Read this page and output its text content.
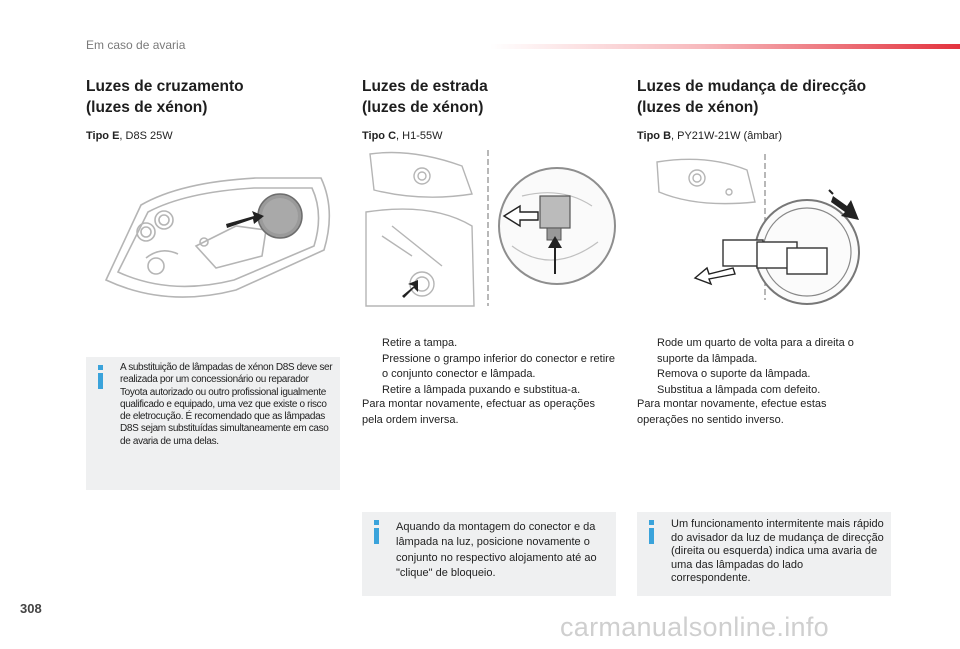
Em caso de avaria
Luzes de cruzamento
(luzes de xénon)
Tipo E, D8S 25W
Luzes de estrada
(luzes de xénon)
Tipo C, H1-55W
Luzes de mudança de direcção
(luzes de xénon)
Tipo B, PY21W-21W (âmbar)
Retire a tampa.
Pressione o grampo inferior do conector e retire o conjunto conector e lâmpada.
Retire a lâmpada puxando e substitua-a.
Para montar novamente, efectuar as operações pela ordem inversa.
Rode um quarto de volta para a direita o suporte da lâmpada.
Remova o suporte da lâmpada.
Substitua a lâmpada com defeito.
Para montar novamente, efectue estas operações no sentido inverso.
A substituição de lâmpadas de xénon D8S deve ser realizada por um concessionário ou reparador Toyota autorizado ou outro profissional igualmente qualificado e equipado, uma vez que existe o risco de eletrocução. É recomendado que as lâmpadas D8S sejam substituídas simultaneamente em caso de avaria de uma delas.
Aquando da montagem do conector e da lâmpada na luz, posicione novamente o conjunto no respectivo alojamento até ao "clique" de bloqueio.
Um funcionamento intermitente mais rápido do avisador da luz de mudança de direcção (direita ou esquerda) indica uma avaria de uma das lâmpadas do lado correspondente.
308
carmanualsonline.info
